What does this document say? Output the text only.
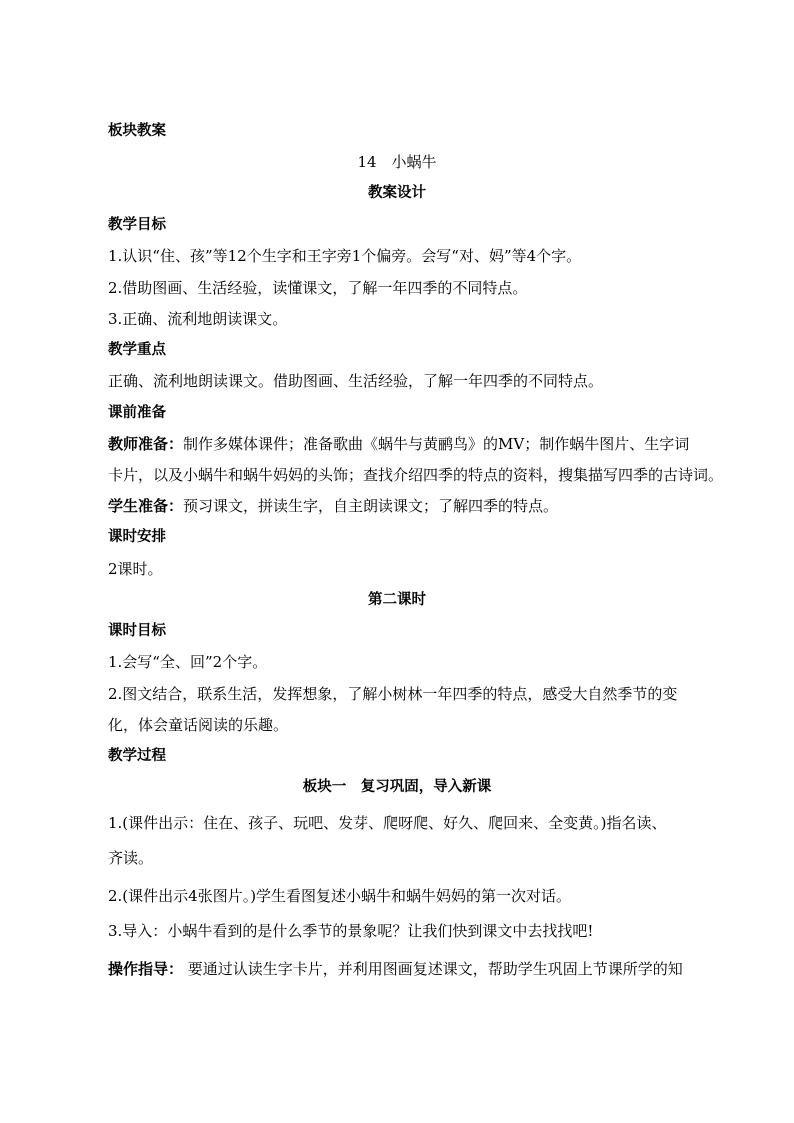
板块教案
14　小蜗牛
教案设计
教学目标
1.认识“住、孩”等12个生字和王字旁1个偏旁。会写“对、妈”等4个字。
2.借助图画、生活经验，读懂课文，了解一年四季的不同特点。
3.正确、流利地朗读课文。
教学重点
正确、流利地朗读课文。借助图画、生活经验，了解一年四季的不同特点。
课前准备
教师准备：制作多媒体课件；准备歌曲《蜗牛与黄鹂鸟》的MV；制作蜗牛图片、生字词
卡片，以及小蜗牛和蜗牛妈妈的头饰；查找介绍四季的特点的资料，搜集描写四季的古诗词。
学生准备：预习课文，拼读生字，自主朗读课文；了解四季的特点。
课时安排
2课时。
第二课时
课时目标
1.会写“全、回”2个字。
2.图文结合，联系生活，发挥想象，了解小树林一年四季的特点，感受大自然季节的变
化，体会童话阅读的乐趣。
教学过程
板块一　复习巩固，导入新课
1.(课件出示：住在、孩子、玩吧、发芽、爬呀爬、好久、爬回来、全变黄。)指名读、
齐读。
2.(课件出示4张图片。)学生看图复述小蜗牛和蜗牛妈妈的第一次对话。
3.导入：小蜗牛看到的是什么季节的景象呢？让我们快到课文中去找找吧!
操作指导： 要通过认读生字卡片，并利用图画复述课文，帮助学生巩固上节课所学的知
